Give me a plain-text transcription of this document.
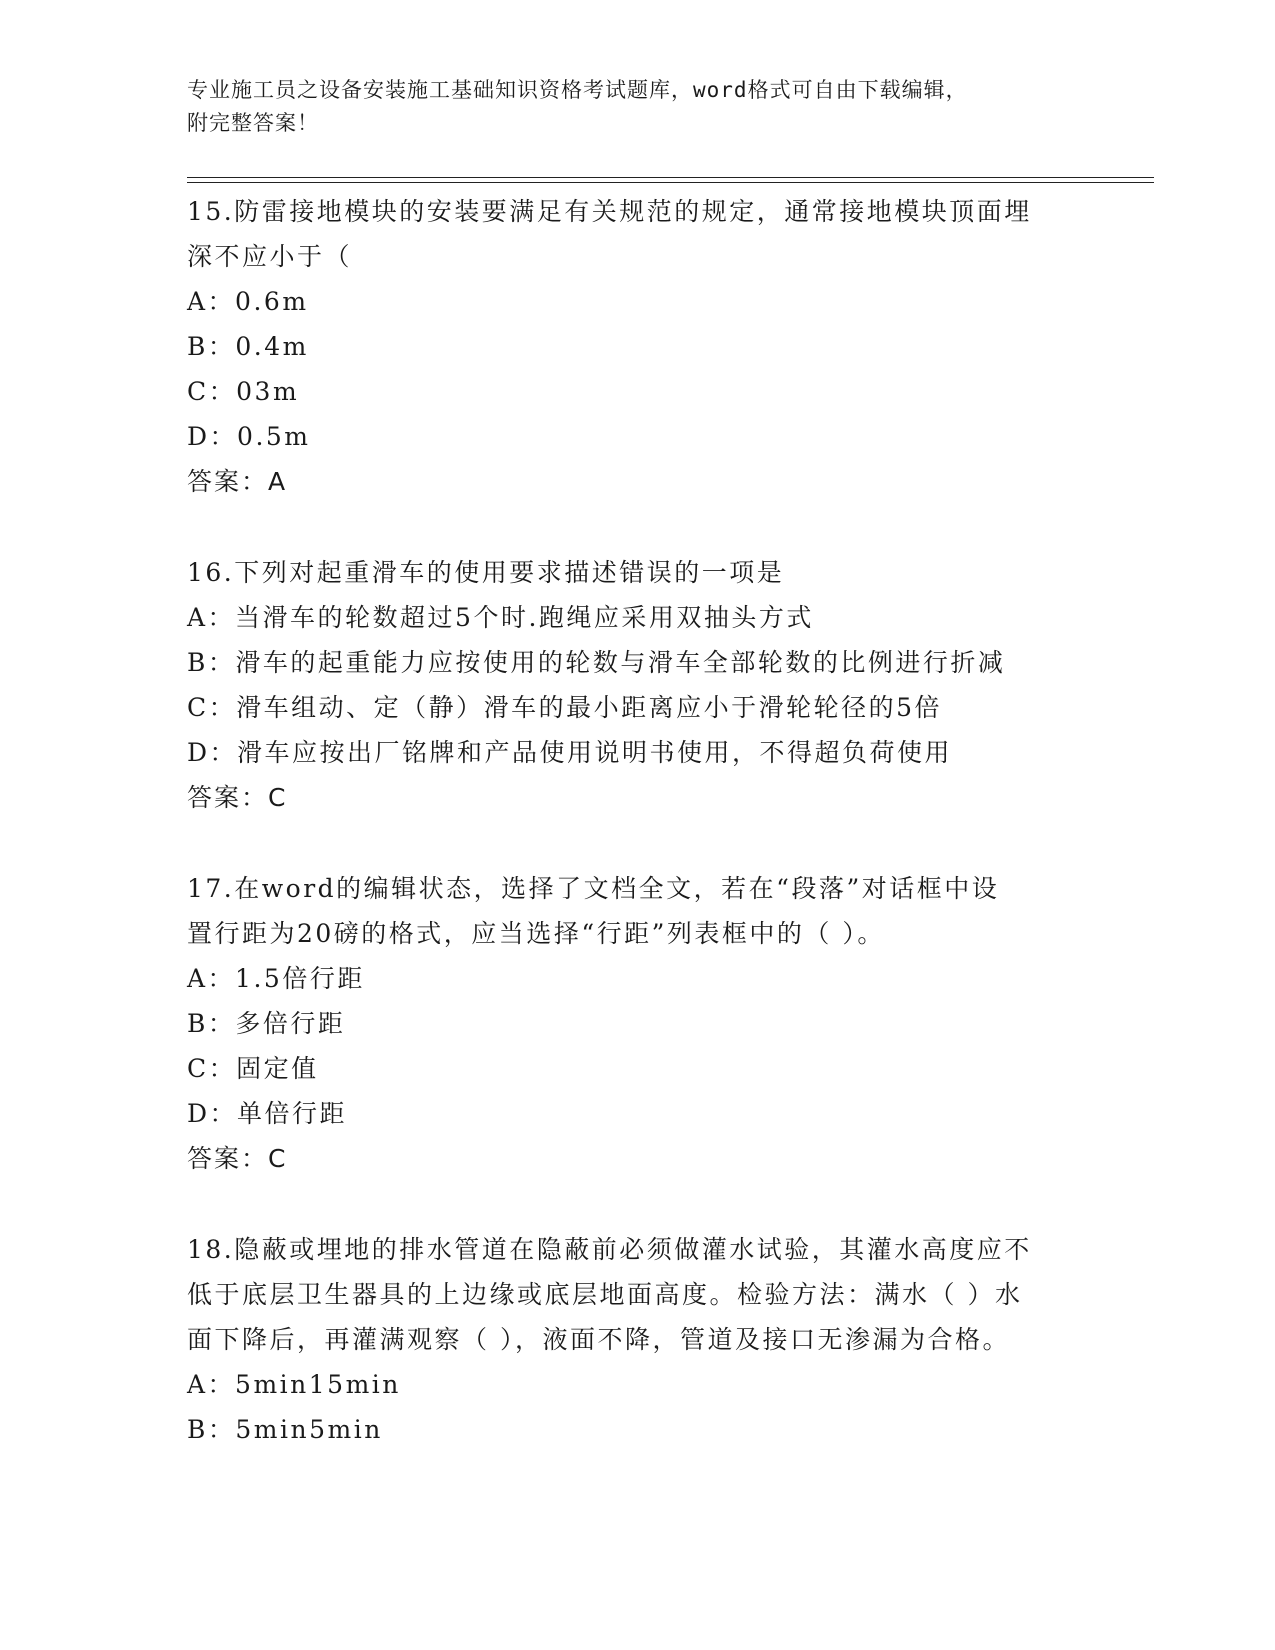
专业施工员之设备安装施工基础知识资格考试题库，word格式可自由下载编辑，
附完整答案！
15.防雷接地模块的安装要满足有关规范的规定，通常接地模块顶面埋
深不应小于（
A：0.6m
B：0.4m
C：03m
D：0.5m
答案：A
16.下列对起重滑车的使用要求描述错误的一项是
A：当滑车的轮数超过5个时.跑绳应采用双抽头方式
B：滑车的起重能力应按使用的轮数与滑车全部轮数的比例进行折减
C：滑车组动、定（静）滑车的最小距离应小于滑轮轮径的5倍
D：滑车应按出厂铭牌和产品使用说明书使用，不得超负荷使用
答案：C
17.在word的编辑状态，选择了文档全文，若在“段落”对话框中设
置行距为20磅的格式，应当选择“行距”列表框中的（ ）。
A：1.5倍行距
B：多倍行距
C：固定值
D：单倍行距
答案：C
18.隐蔽或埋地的排水管道在隐蔽前必须做灌水试验，其灌水高度应不
低于底层卫生器具的上边缘或底层地面高度。检验方法：满水（ ）水
面下降后，再灌满观察（ ），液面不降，管道及接口无渗漏为合格。
A：5min15min
B：5min5min
